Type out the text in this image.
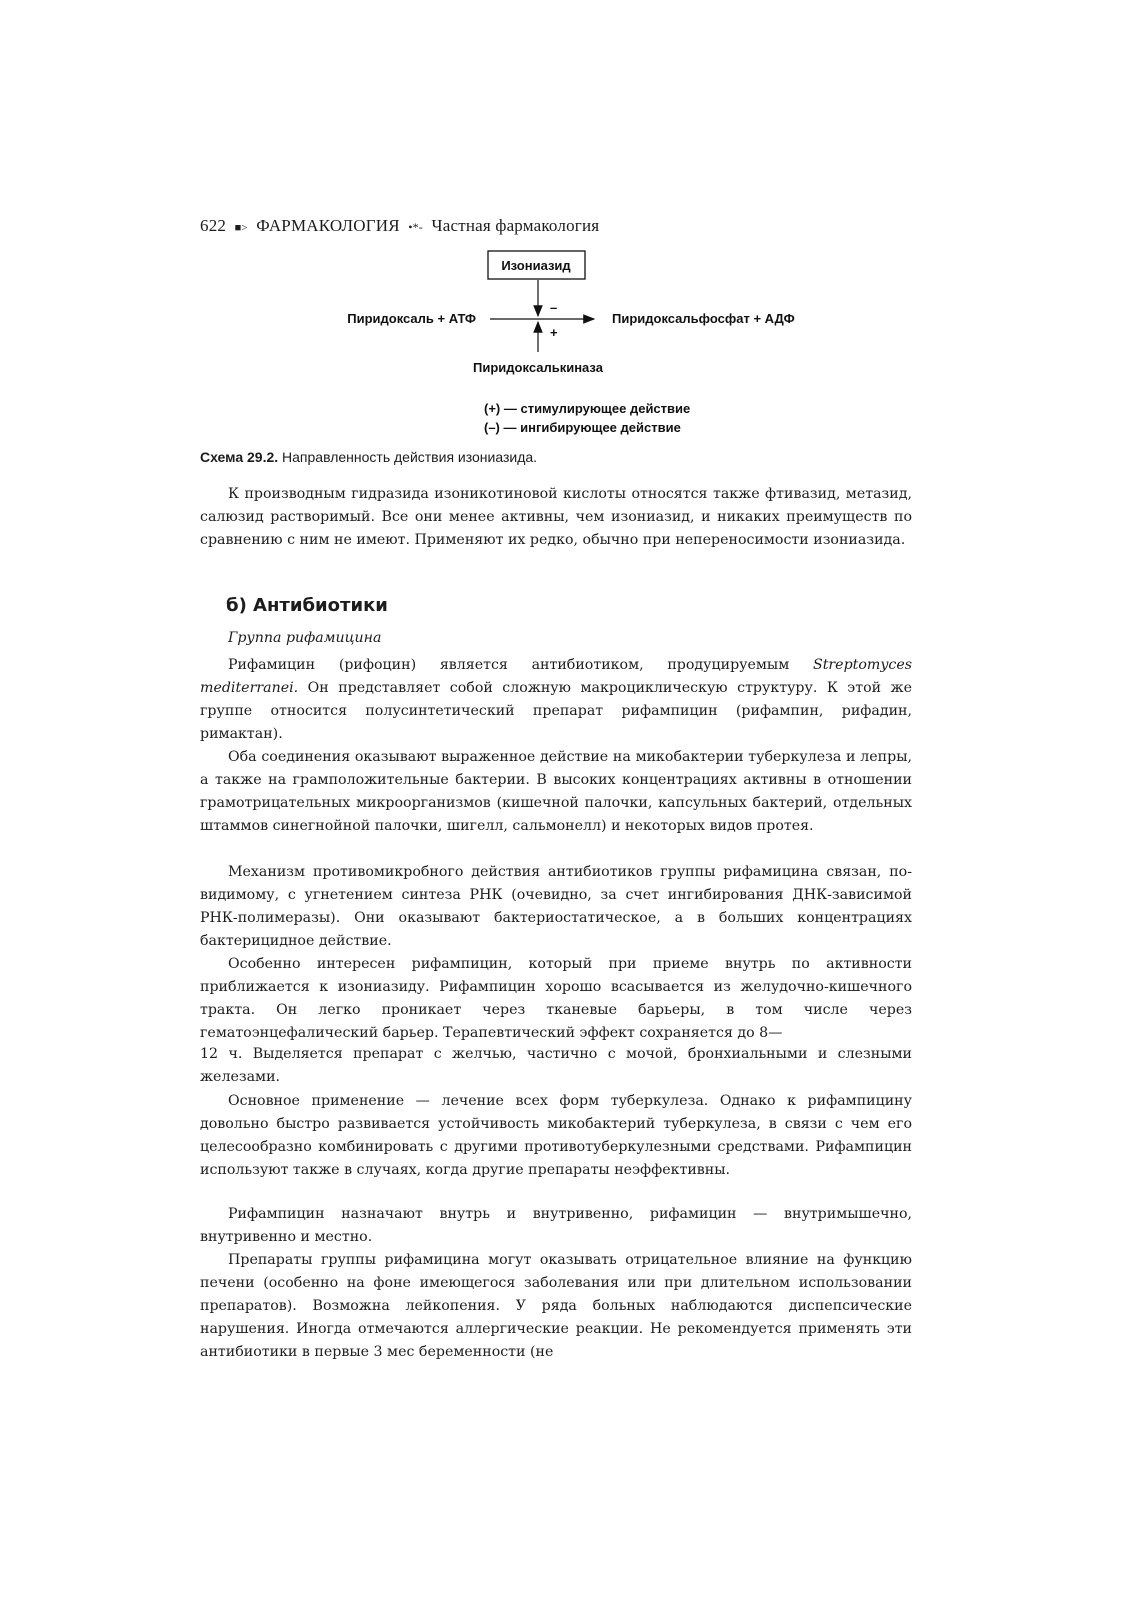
622 ■> ФАРМАКОЛОГИЯ •*- Частная фармакология
Изониазид
Пиридоксаль + АТФ	Пиридоксальфосфат + АДФ
–
+
Пиридоксалькиназа
(+) — стимулирующее действие
(–) — ингибирующее действие
Схема 29.2. Направленность действия изониазида.

К производным гидразида изоникотиновой кислоты относятся также фтивазид, метазид, салюзид растворимый. Все они менее активны, чем изониазид, и никаких преимуществ по сравнению с ним не имеют. Применяют их редко, обычно при непереносимости изониазида.

б) Антибиотики
Группа рифамицина

Рифамицин (рифоцин) является антибиотиком, продуцируемым Streptomyces mediterranei. Он представляет собой сложную макроциклическую структуру. К этой же группе относится полусинтетический препарат рифампицин (рифампин, рифадин, римактан).

Оба соединения оказывают выраженное действие на микобактерии туберкулеза и лепры, а также на грамположительные бактерии. В высоких концентрациях активны в отношении грамотрицательных микроорганизмов (кишечной палочки, капсульных бактерий, отдельных штаммов синегнойной палочки, шигелл, сальмонелл) и некоторых видов протея.

Механизм противомикробного действия антибиотиков группы рифамицина связан, по-видимому, с угнетением синтеза РНК (очевидно, за счет ингибирования ДНК-зависимой РНК-полимеразы). Они оказывают бактериостатическое, а в больших концентрациях бактерицидное действие.

Особенно интересен рифампицин, который при приеме внутрь по активности приближается к изониазиду. Рифампицин хорошо всасывается из желудочно-кишечного тракта. Он легко проникает через тканевые барьеры, в том числе через гематоэнцефалический барьер. Терапевтический эффект сохраняется до 8—

12 ч. Выделяется препарат с желчью, частично с мочой, бронхиальными и слезными железами.

Основное применение — лечение всех форм туберкулеза. Однако к рифампицину довольно быстро развивается устойчивость микобактерий туберкулеза, в связи с чем его целесообразно комбинировать с другими противотуберкулезными средствами. Рифампицин используют также в случаях, когда другие препараты неэффективны.

Рифампицин назначают внутрь и внутривенно, рифамицин — внутримышечно, внутривенно и местно.

Препараты группы рифамицина могут оказывать отрицательное влияние на функцию печени (особенно на фоне имеющегося заболевания или при длительном использовании препаратов). Возможна лейкопения. У ряда больных наблюдаются диспепсические нарушения. Иногда отмечаются аллергические реакции. Не рекомендуется применять эти антибиотики в первые 3 мес беременности (не
